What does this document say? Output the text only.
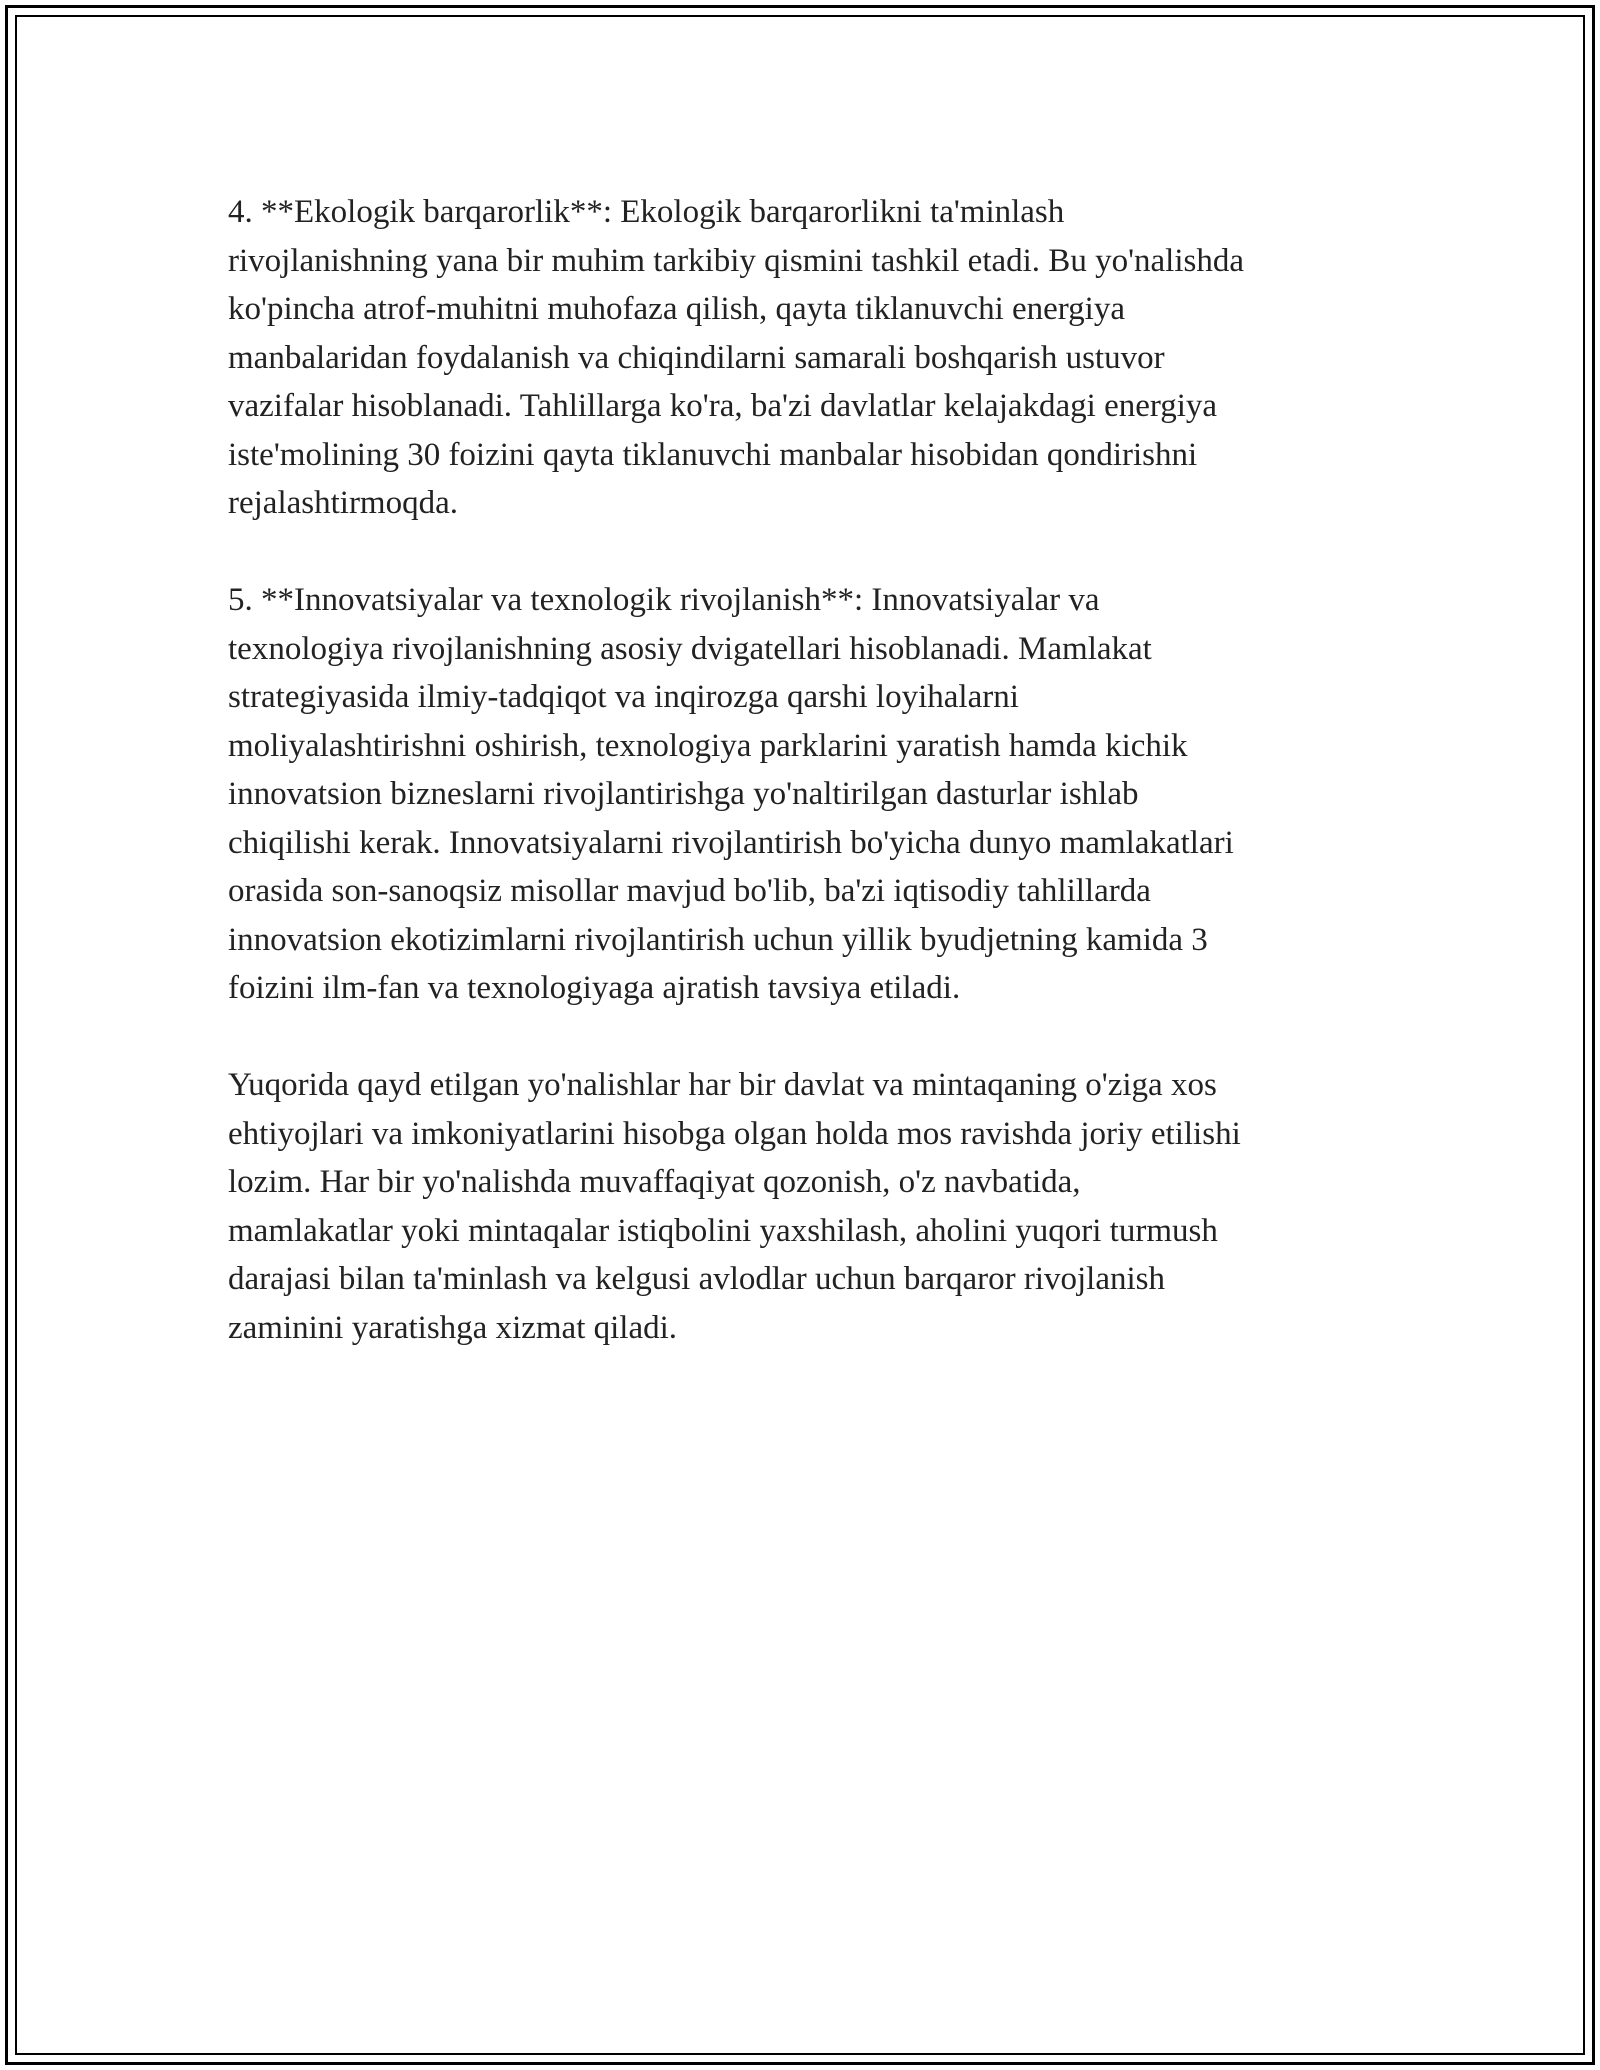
4. **Ekologik barqarorlik**: Ekologik barqarorlikni ta'minlash
rivojlanishning yana bir muhim tarkibiy qismini tashkil etadi. Bu yo'nalishda
ko'pincha atrof-muhitni muhofaza qilish, qayta tiklanuvchi energiya
manbalaridan foydalanish va chiqindilarni samarali boshqarish ustuvor
vazifalar hisoblanadi. Tahlillarga ko'ra, ba'zi davlatlar kelajakdagi energiya
iste'molining 30 foizini qayta tiklanuvchi manbalar hisobidan qondirishni
rejalashtirmoqda.

5. **Innovatsiyalar va texnologik rivojlanish**: Innovatsiyalar va
texnologiya rivojlanishning asosiy dvigatellari hisoblanadi. Mamlakat
strategiyasida ilmiy-tadqiqot va inqirozga qarshi loyihalarni
moliyalashtirishni oshirish, texnologiya parklarini yaratish hamda kichik
innovatsion bizneslarni rivojlantirishga yo'naltirilgan dasturlar ishlab
chiqilishi kerak. Innovatsiyalarni rivojlantirish bo'yicha dunyo mamlakatlari
orasida son-sanoqsiz misollar mavjud bo'lib, ba'zi iqtisodiy tahlillarda
innovatsion ekotizimlarni rivojlantirish uchun yillik byudjetning kamida 3
foizini ilm-fan va texnologiyaga ajratish tavsiya etiladi.

Yuqorida qayd etilgan yo'nalishlar har bir davlat va mintaqaning o'ziga xos
ehtiyojlari va imkoniyatlarini hisobga olgan holda mos ravishda joriy etilishi
lozim. Har bir yo'nalishda muvaffaqiyat qozonish, o'z navbatida,
mamlakatlar yoki mintaqalar istiqbolini yaxshilash, aholini yuqori turmush
darajasi bilan ta'minlash va kelgusi avlodlar uchun barqaror rivojlanish
zaminini yaratishga xizmat qiladi.
